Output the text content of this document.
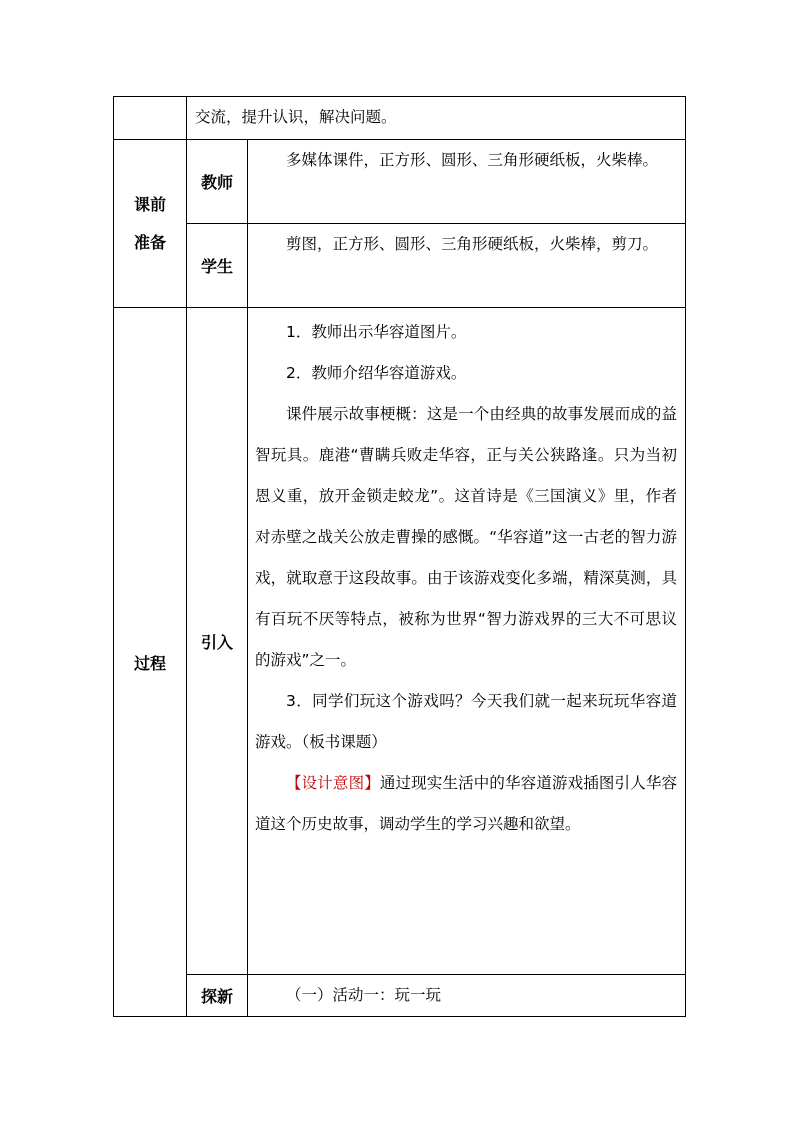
	交流，提升认识，解决问题。	

课前
准备	教师	多媒体课件，正方形、圆形、三角形硬纸板，火柴棒。

	学生	剪图，正方形、圆形、三角形硬纸板，火柴棒，剪刀。

过程	引入	1．教师出示华容道图片。

2．教师介绍华容道游戏。

课件展示故事梗概：这是一个由经典的故事发展而成的益智玩具。鹿港“曹瞒兵败走华容，正与关公狭路逢。只为当初恩义重，放开金锁走蛟龙”。这首诗是《三国演义》里，作者对赤壁之战关公放走曹操的感慨。“华容道”这一古老的智力游戏，就取意于这段故事。由于该游戏变化多端，精深莫测，具有百玩不厌等特点，被称为世界“智力游戏界的三大不可思议的游戏”之一。

3．同学们玩这个游戏吗？今天我们就一起来玩玩华容道游戏。（板书课题）

【设计意图】通过现实生活中的华容道游戏插图引人华容道这个历史故事，调动学生的学习兴趣和欲望。

	探新	（一）活动一：玩一玩
